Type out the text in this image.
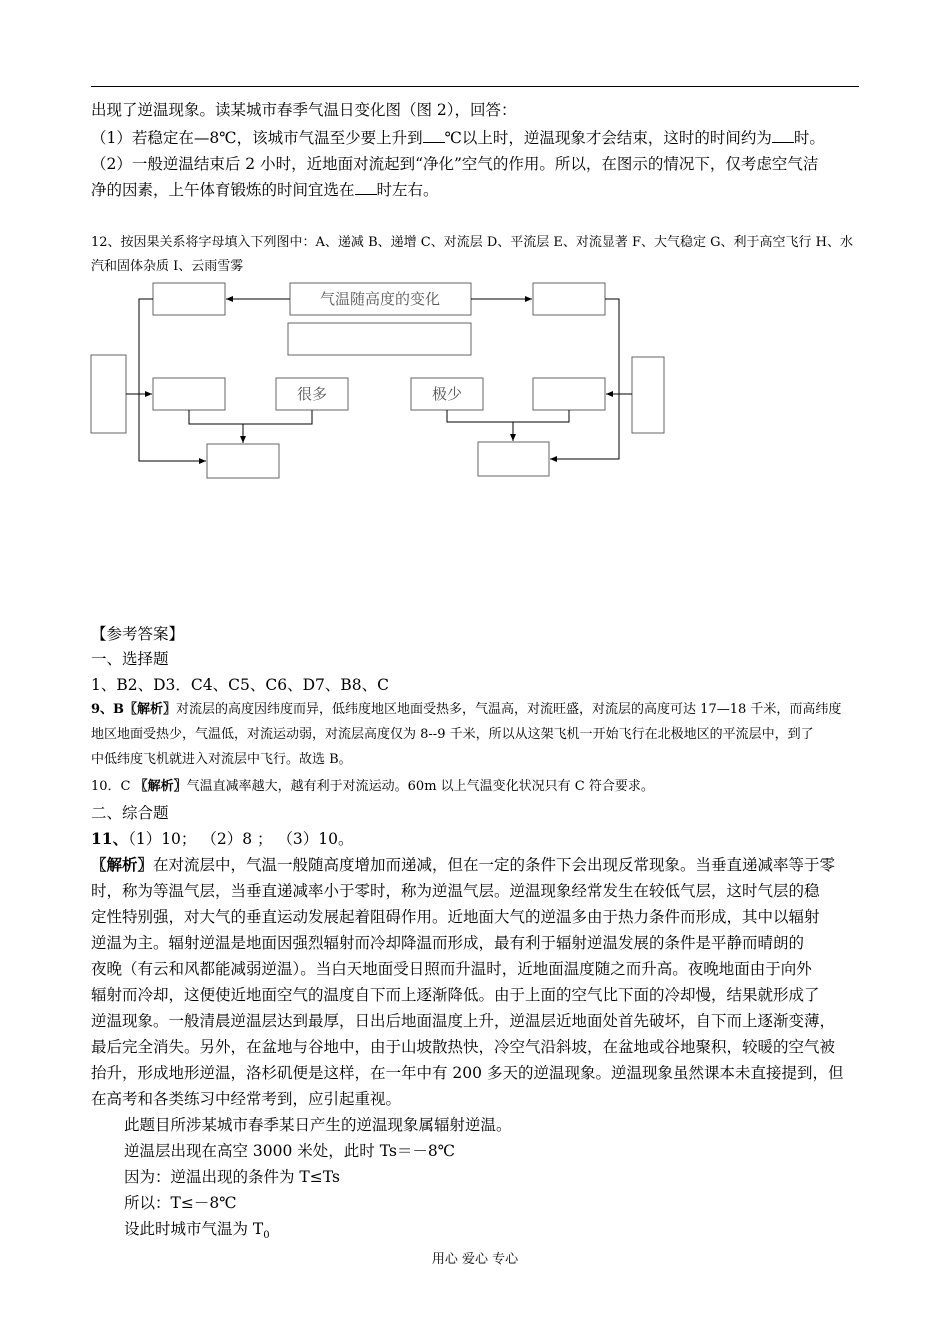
出现了逆温现象。读某城市春季气温日变化图（图 2），回答：
（1）若稳定在—8℃，该城市气温至少要上升到 ℃以上时，逆温现象才会结束，这时的时间约为 时。
（2）一般逆温结束后 2 小时，近地面对流起到“净化”空气的作用。所以，在图示的情况下，仅考虑空气洁
净的因素，上午体育锻炼的时间宜选在 时左右。
12、按因果关系将字母填入下列图中：A、递减 B、递增 C、对流层 D、平流层 E、对流显著 F、大气稳定 G、利于高空飞行 H、水
汽和固体杂质 I、云雨雪雾
气温随高度的变化
很多	极少
【参考答案】
一、选择题
1、B2、D3．C4、C5、C6、D7、B8、C
9、B〖解析〗对流层的高度因纬度而异，低纬度地区地面受热多，气温高，对流旺盛，对流层的高度可达 17—18 千米，而高纬度
地区地面受热少，气温低，对流运动弱，对流层高度仅为 8--9 千米，所以从这架飞机一开始飞行在北极地区的平流层中，到了
中低纬度飞机就进入对流层中飞行。故选 B。
10．C 〖解析〗气温直减率越大，越有利于对流运动。60m 以上气温变化状况只有 C 符合要求。
二、综合题
11、（1）10； （2）8 ； （3）10。
〖解析〗在对流层中，气温一般随高度增加而递减，但在一定的条件下会出现反常现象。当垂直递减率等于零
时，称为等温气层，当垂直递减率小于零时，称为逆温气层。逆温现象经常发生在较低气层，这时气层的稳
定性特别强，对大气的垂直运动发展起着阻碍作用。近地面大气的逆温多由于热力条件而形成，其中以辐射
逆温为主。辐射逆温是地面因强烈辐射而冷却降温而形成，最有利于辐射逆温发展的条件是平静而晴朗的
夜晚（有云和风都能减弱逆温）。当白天地面受日照而升温时，近地面温度随之而升高。夜晚地面由于向外
辐射而冷却，这便使近地面空气的温度自下而上逐渐降低。由于上面的空气比下面的冷却慢，结果就形成了
逆温现象。一般清晨逆温层达到最厚，日出后地面温度上升，逆温层近地面处首先破坏，自下而上逐渐变薄，
最后完全消失。另外，在盆地与谷地中，由于山坡散热快，冷空气沿斜坡，在盆地或谷地聚积，较暖的空气被
抬升，形成地形逆温，洛杉矶便是这样，在一年中有 200 多天的逆温现象。逆温现象虽然课本未直接提到，但
在高考和各类练习中经常考到，应引起重视。
此题目所涉某城市春季某日产生的逆温现象属辐射逆温。
逆温层出现在高空 3000 米处，此时 Ts＝－8℃
因为：逆温出现的条件为 T≤Ts
所以：T≤－8℃
设此时城市气温为 $T_0$
用心 爱心 专心
